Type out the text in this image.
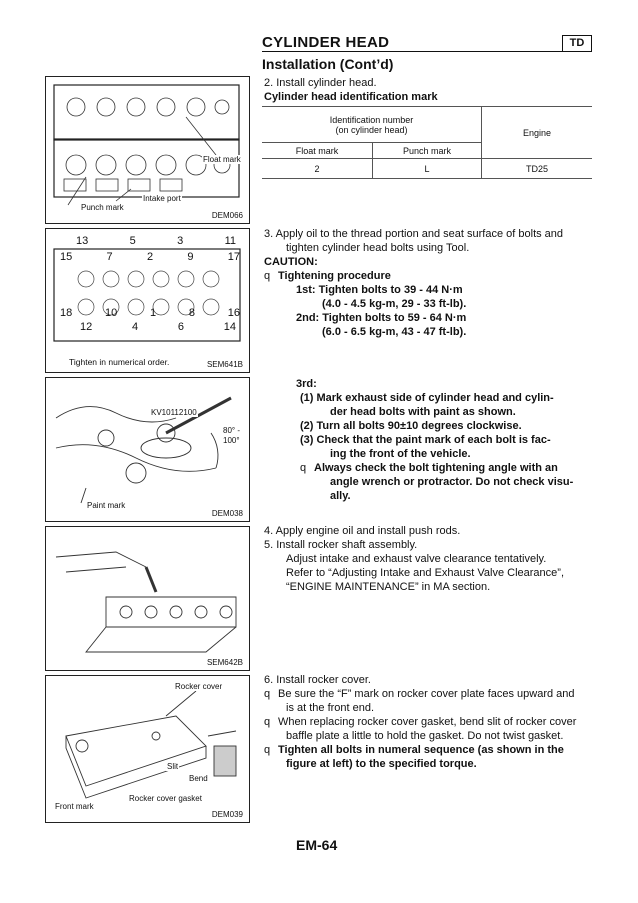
CYLINDER HEAD	TD
Installation (Cont’d)
Float mark
Intake port
Punch mark
DEM066
13	5	3	11
15	7	2	9	17
18	10	1	8	16
12	4	6	14
Tighten in numerical order.	SEM641B
KV10112100
80° -
100°
Paint mark
DEM038
SEM642B
Rocker cover
Slit
Bend
Front mark
Rocker cover gasket
DEM039
2. Install cylinder head.
Cylinder head identification mark
Identification number
(on cylinder head)		Engine
Float mark	Punch mark	
2	L	TD25
3. Apply oil to the thread portion and seat surface of bolts and
tighten cylinder head bolts using Tool.
CAUTION:
q Tightening procedure
1st: Tighten bolts to 39 - 44 N·m
(4.0 - 4.5 kg-m, 29 - 33 ft-lb).
2nd: Tighten bolts to 59 - 64 N·m
(6.0 - 6.5 kg-m, 43 - 47 ft-lb).
3rd:
(1) Mark exhaust side of cylinder head and cylin-
der head bolts with paint as shown.
(2) Turn all bolts 90±10 degrees clockwise.
(3) Check that the paint mark of each bolt is fac-
ing the front of the vehicle.
q Always check the bolt tightening angle with an
angle wrench or protractor. Do not check visu-
ally.
4. Apply engine oil and install push rods.
5. Install rocker shaft assembly.
Adjust intake and exhaust valve clearance tentatively.
Refer to “Adjusting Intake and Exhaust Valve Clearance”,
“ENGINE MAINTENANCE” in MA section.
6. Install rocker cover.
q Be sure the “F” mark on rocker cover plate faces upward and
is at the front end.
q When replacing rocker cover gasket, bend slit of rocker cover
baffle plate a little to hold the gasket. Do not twist gasket.
q Tighten all bolts in numeral sequence (as shown in the
figure at left) to the specified torque.
EM-64
